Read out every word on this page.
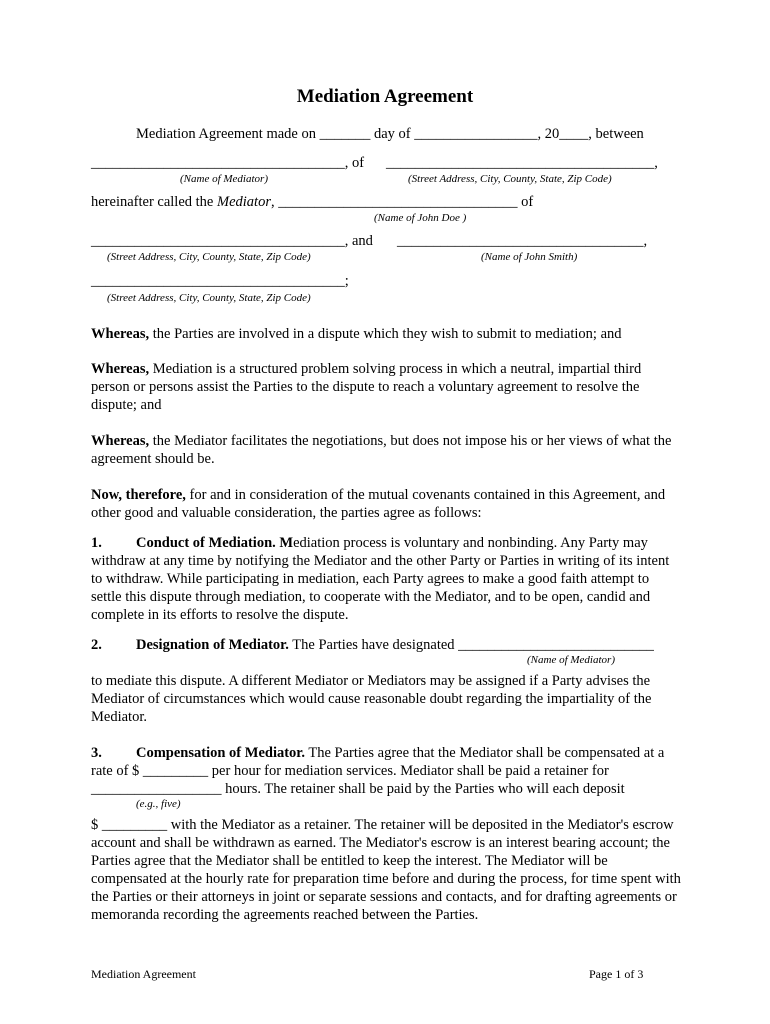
Mediation Agreement
Mediation Agreement made on _______ day of _________________, 20____, between
___________________________________, of _____________________________________,
(Name of Mediator)	(Street Address, City, County, State, Zip Code)
hereinafter called the Mediator, _________________________________ of
(Name of John Doe )
___________________________________, and __________________________________,
(Street Address, City, County, State, Zip Code)	(Name of John Smith)
___________________________________;
(Street Address, City, County, State, Zip Code)
Whereas, the Parties are involved in a dispute which they wish to submit to mediation; and
Whereas, Mediation is a structured problem solving process in which a neutral, impartial third person or persons assist the Parties to the dispute to reach a voluntary agreement to resolve the dispute; and
Whereas, the Mediator facilitates the negotiations, but does not impose his or her views of what the agreement should be.
Now, therefore, for and in consideration of the mutual covenants contained in this Agreement, and other good and valuable consideration, the parties agree as follows:
1. Conduct of Mediation. Mediation process is voluntary and nonbinding. Any Party may withdraw at any time by notifying the Mediator and the other Party or Parties in writing of its intent to withdraw. While participating in mediation, each Party agrees to make a good faith attempt to settle this dispute through mediation, to cooperate with the Mediator, and to be open, candid and complete in its efforts to resolve the dispute.
2. Designation of Mediator. The Parties have designated ___________________________
(Name of Mediator)
to mediate this dispute. A different Mediator or Mediators may be assigned if a Party advises the Mediator of circumstances which would cause reasonable doubt regarding the impartiality of the Mediator.
3. Compensation of Mediator. The Parties agree that the Mediator shall be compensated at a rate of $ _________ per hour for mediation services. Mediator shall be paid a retainer for __________________ hours. The retainer shall be paid by the Parties who will each deposit
(e.g., five)
$ _________ with the Mediator as a retainer. The retainer will be deposited in the Mediator's escrow account and shall be withdrawn as earned. The Mediator's escrow is an interest bearing account; the Parties agree that the Mediator shall be entitled to keep the interest. The Mediator will be compensated at the hourly rate for preparation time before and during the process, for time spent with the Parties or their attorneys in joint or separate sessions and contacts, and for drafting agreements or memoranda recording the agreements reached between the Parties.
Mediation Agreement	Page 1 of 3
